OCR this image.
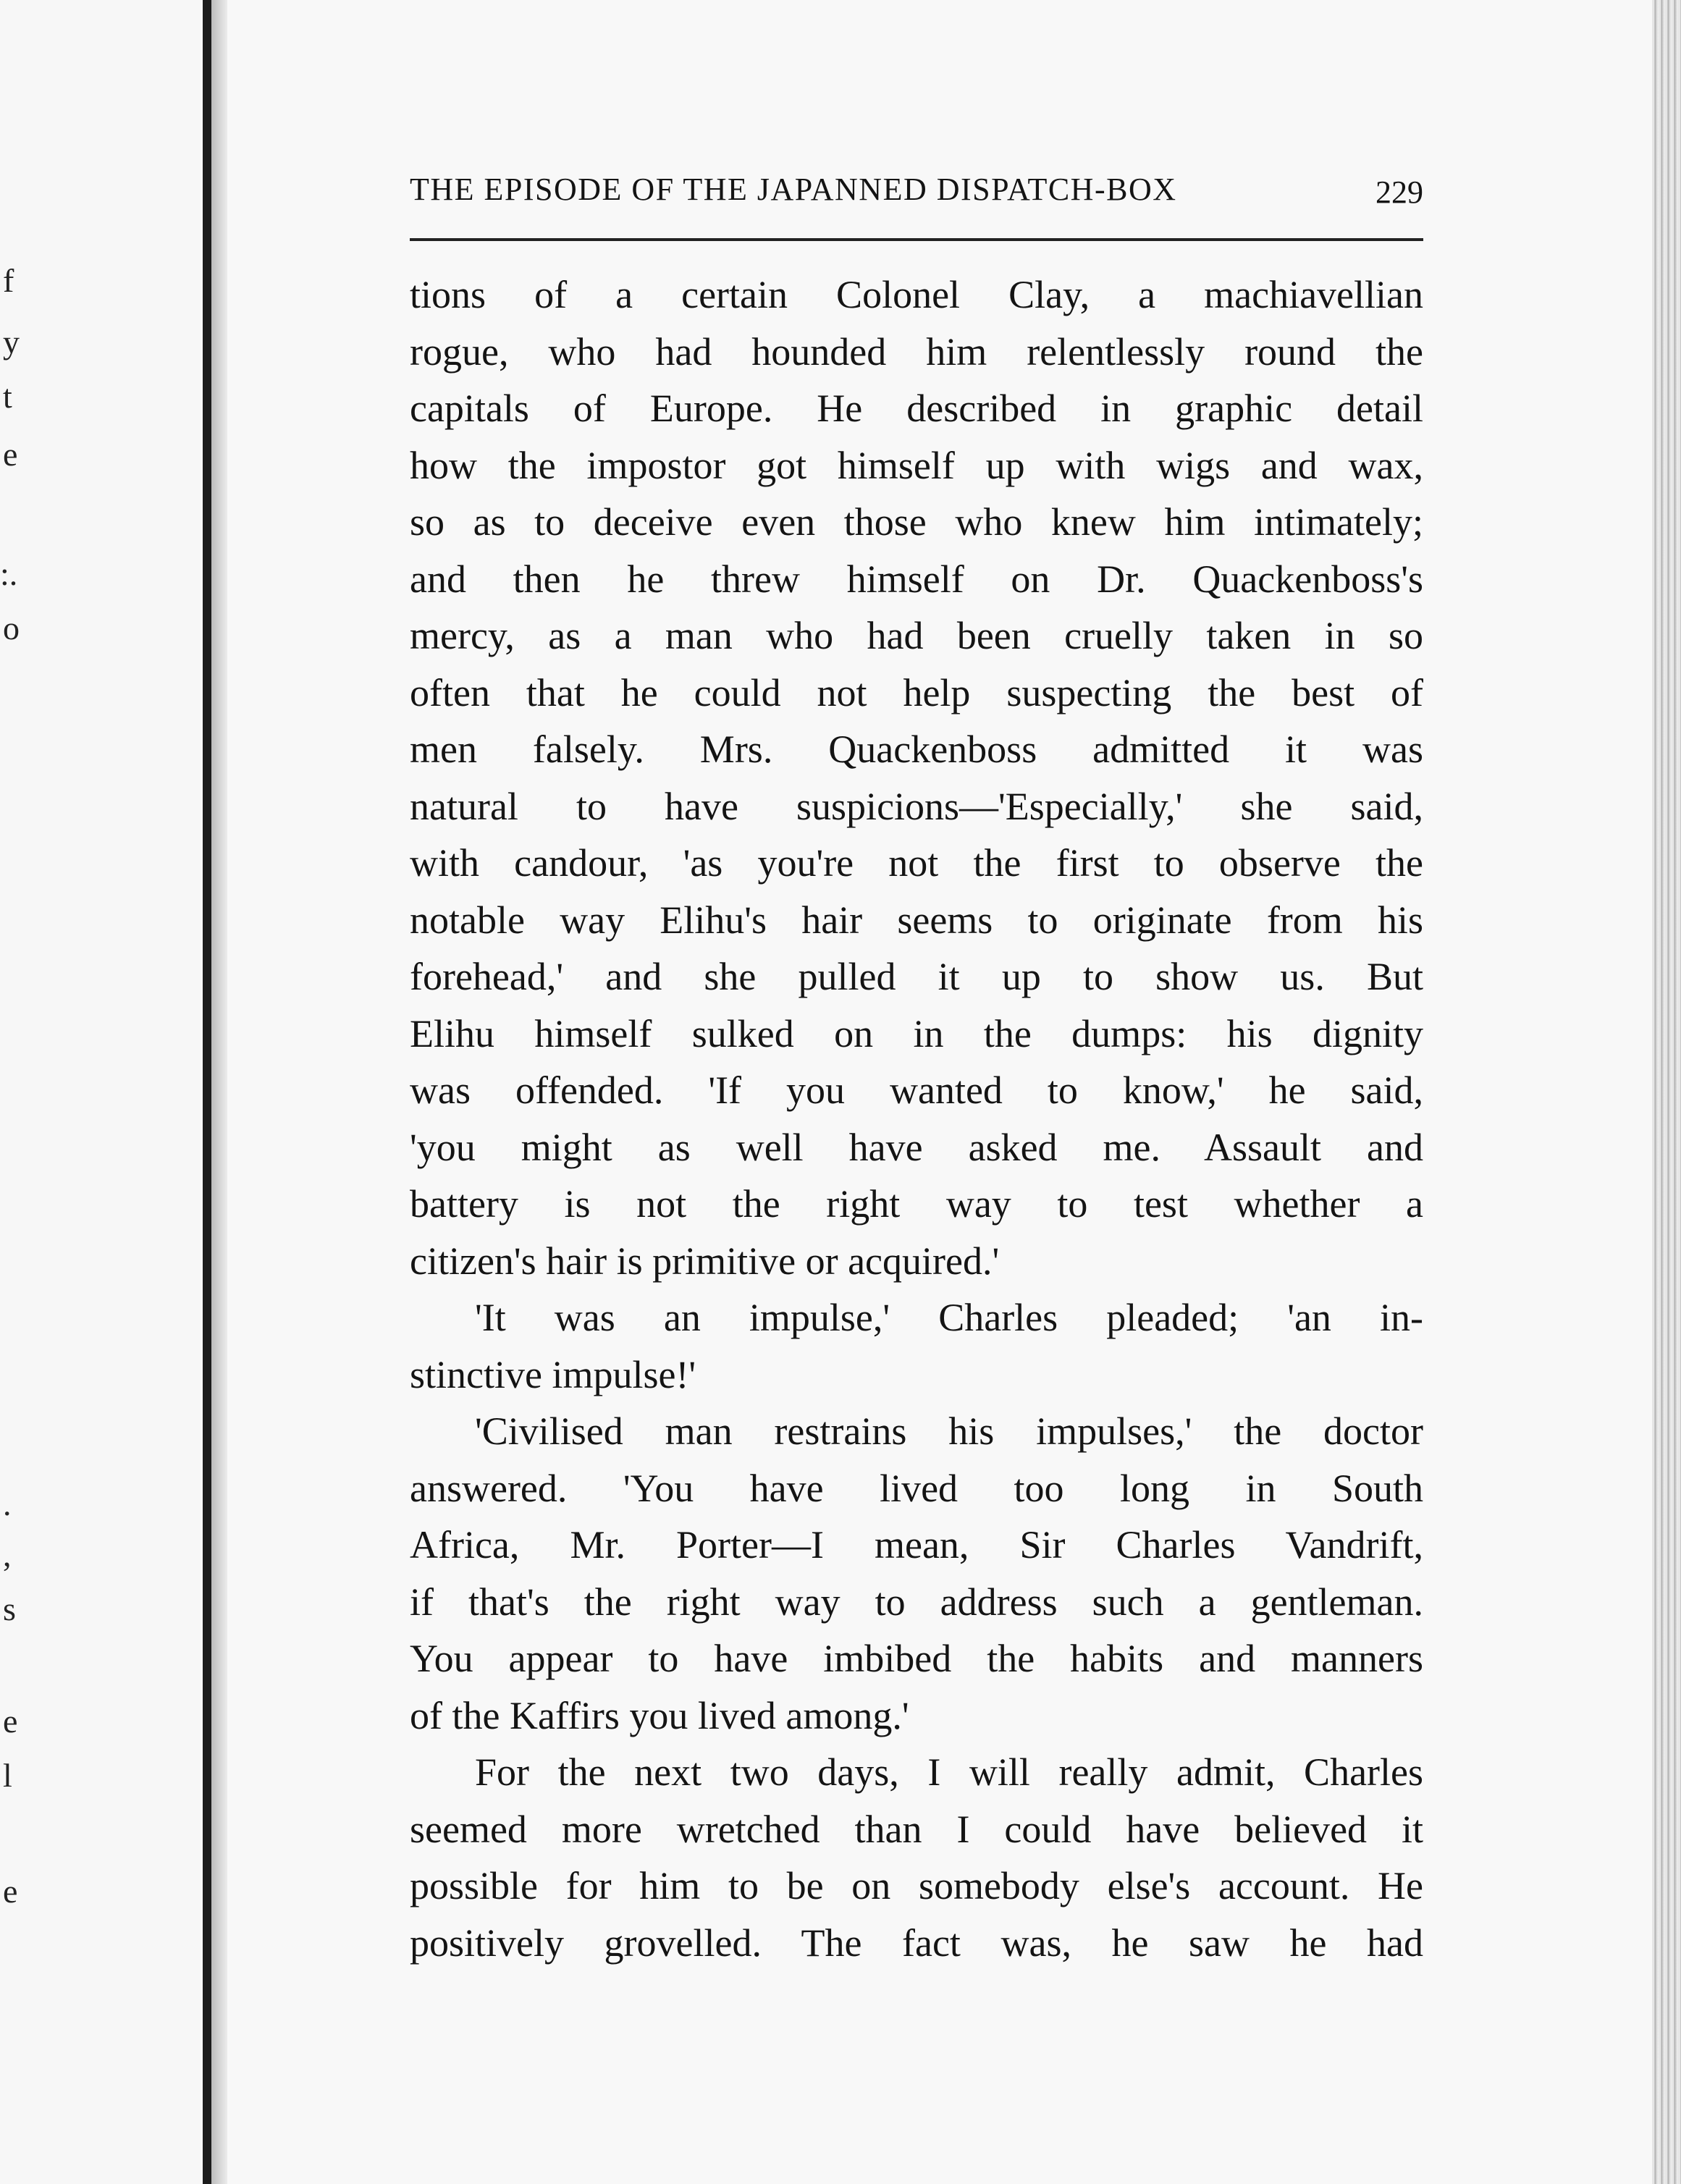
f
y
t
e
:.
o
.
,
s
e
l
e
THE EPISODE OF THE JAPANNED DISPATCH-BOX	229
tions of a certain Colonel Clay, a machiavellian
rogue, who had hounded him relentlessly round the
capitals of Europe. He described in graphic detail
how the impostor got himself up with wigs and wax,
so as to deceive even those who knew him intimately;
and then he threw himself on Dr. Quackenboss's
mercy, as a man who had been cruelly taken in so
often that he could not help suspecting the best of
men falsely. Mrs. Quackenboss admitted it was
natural to have suspicions—'Especially,' she said,
with candour, 'as you're not the first to observe the
notable way Elihu's hair seems to originate from his
forehead,' and she pulled it up to show us. But
Elihu himself sulked on in the dumps: his dignity
was offended. 'If you wanted to know,' he said,
'you might as well have asked me. Assault and
battery is not the right way to test whether a
citizen's hair is primitive or acquired.'
'It was an impulse,' Charles pleaded; 'an in-
stinctive impulse!'
'Civilised man restrains his impulses,' the doctor
answered. 'You have lived too long in South
Africa, Mr. Porter—I mean, Sir Charles Vandrift,
if that's the right way to address such a gentleman.
You appear to have imbibed the habits and manners
of the Kaffirs you lived among.'
For the next two days, I will really admit, Charles
seemed more wretched than I could have believed it
possible for him to be on somebody else's account. He
positively grovelled. The fact was, he saw he had
